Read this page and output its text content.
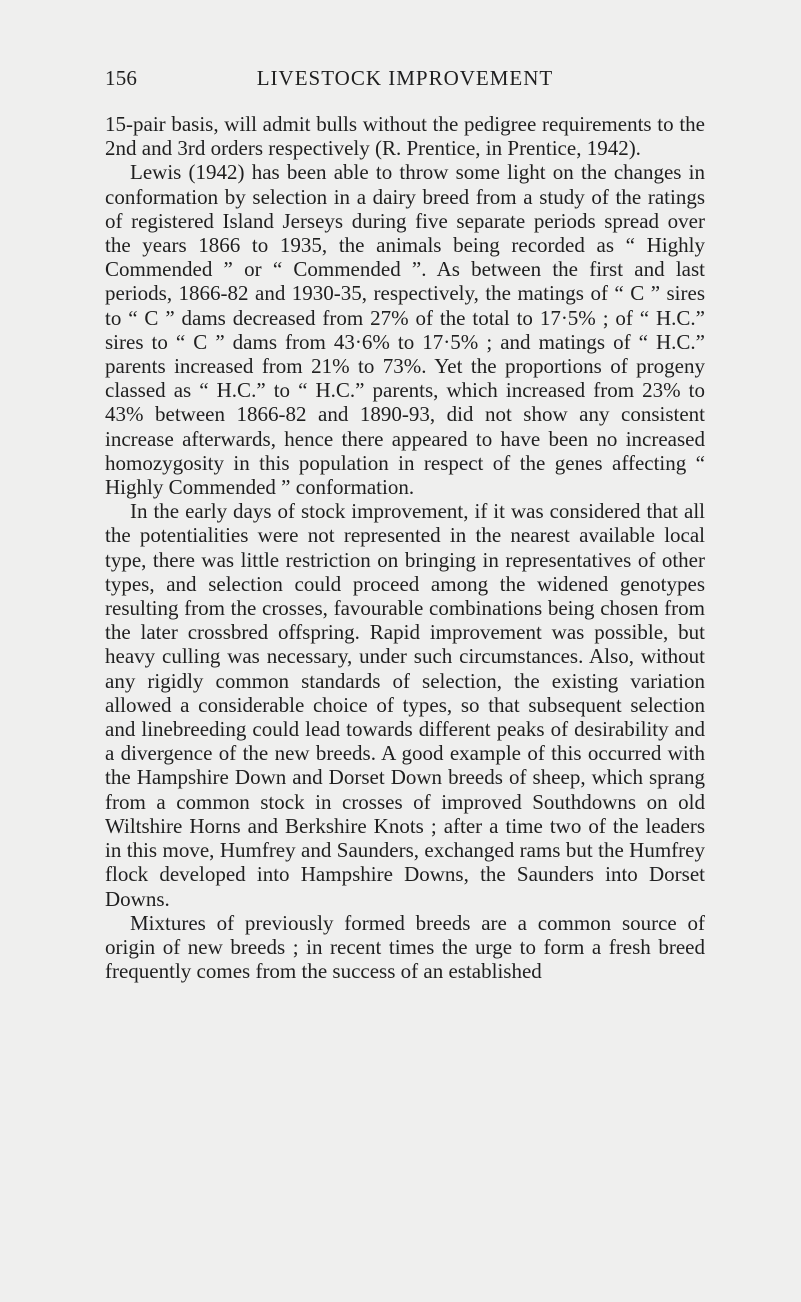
156	LIVESTOCK IMPROVEMENT

15-pair basis, will admit bulls without the pedigree requirements to the 2nd and 3rd orders respectively (R. Prentice, in Prentice, 1942).

Lewis (1942) has been able to throw some light on the changes in conformation by selection in a dairy breed from a study of the ratings of registered Island Jerseys during five separate periods spread over the years 1866 to 1935, the animals being recorded as “ Highly Commended ” or “ Commended ”. As between the first and last periods, 1866-82 and 1930-35, respectively, the matings of “ C ” sires to “ C ” dams decreased from 27% of the total to 17·5% ; of “ H.C.” sires to “ C ” dams from 43·6% to 17·5% ; and matings of “ H.C.” parents increased from 21% to 73%. Yet the proportions of progeny classed as “ H.C.” to “ H.C.” parents, which increased from 23% to 43% between 1866-82 and 1890-93, did not show any consistent increase afterwards, hence there appeared to have been no increased homozygosity in this population in respect of the genes affecting “ Highly Commended ” conformation.

In the early days of stock improvement, if it was considered that all the potentialities were not represented in the nearest available local type, there was little restriction on bringing in representatives of other types, and selection could proceed among the widened genotypes resulting from the crosses, favourable combinations being chosen from the later crossbred offspring. Rapid improvement was possible, but heavy culling was necessary, under such circumstances. Also, without any rigidly common standards of selection, the existing variation allowed a considerable choice of types, so that subsequent selection and linebreeding could lead towards different peaks of desirability and a divergence of the new breeds. A good example of this occurred with the Hampshire Down and Dorset Down breeds of sheep, which sprang from a common stock in crosses of improved Southdowns on old Wiltshire Horns and Berkshire Knots ; after a time two of the leaders in this move, Humfrey and Saunders, exchanged rams but the Humfrey flock developed into Hampshire Downs, the Saunders into Dorset Downs.

Mixtures of previously formed breeds are a common source of origin of new breeds ; in recent times the urge to form a fresh breed frequently comes from the success of an established
